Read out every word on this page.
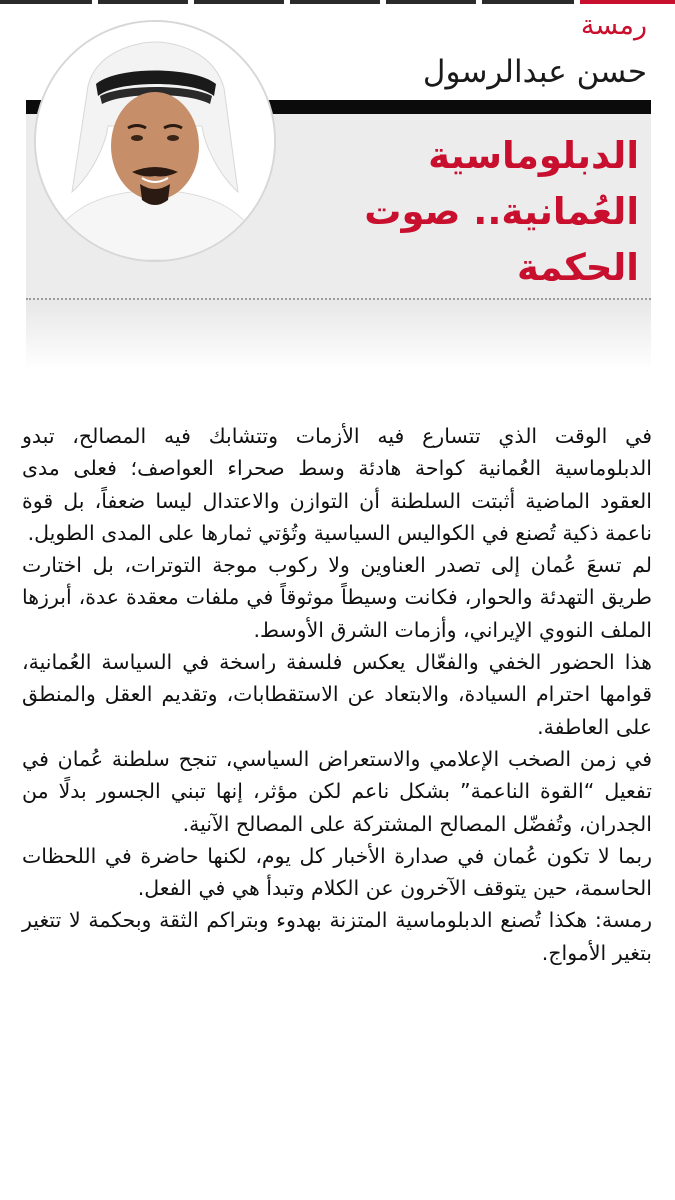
رمسة
حسن عبدالرسول
الدبلوماسية العُمانية.. صوت الحكمة

في الوقت الذي تتسارع فيه الأزمات وتتشابك فيه المصالح، تبدو الدبلوماسية العُمانية كواحة هادئة وسط صحراء العواصف؛ فعلى مدى العقود الماضية أثبتت السلطنة أن التوازن والاعتدال ليسا ضعفاً، بل قوة ناعمة ذكية تُصنع في الكواليس السياسية وتُؤتي ثمارها على المدى الطويل.

لم تسعَ عُمان إلى تصدر العناوين ولا ركوب موجة التوترات، بل اختارت طريق التهدئة والحوار، فكانت وسيطاً موثوقاً في ملفات معقدة عدة، أبرزها الملف النووي الإيراني، وأزمات الشرق الأوسط.

هذا الحضور الخفي والفعّال يعكس فلسفة راسخة في السياسة العُمانية، قوامها احترام السيادة، والابتعاد عن الاستقطابات، وتقديم العقل والمنطق على العاطفة.

في زمن الصخب الإعلامي والاستعراض السياسي، تنجح سلطنة عُمان في تفعيل “القوة الناعمة” بشكل ناعم لكن مؤثر، إنها تبني الجسور بدلًا من الجدران، وتُفضّل المصالح المشتركة على المصالح الآنية.

ربما لا تكون عُمان في صدارة الأخبار كل يوم، لكنها حاضرة في اللحظات الحاسمة، حين يتوقف الآخرون عن الكلام وتبدأ هي في الفعل.

رمسة: هكذا تُصنع الدبلوماسية المتزنة بهدوء وبتراكم الثقة وبحكمة لا تتغير بتغير الأمواج.
